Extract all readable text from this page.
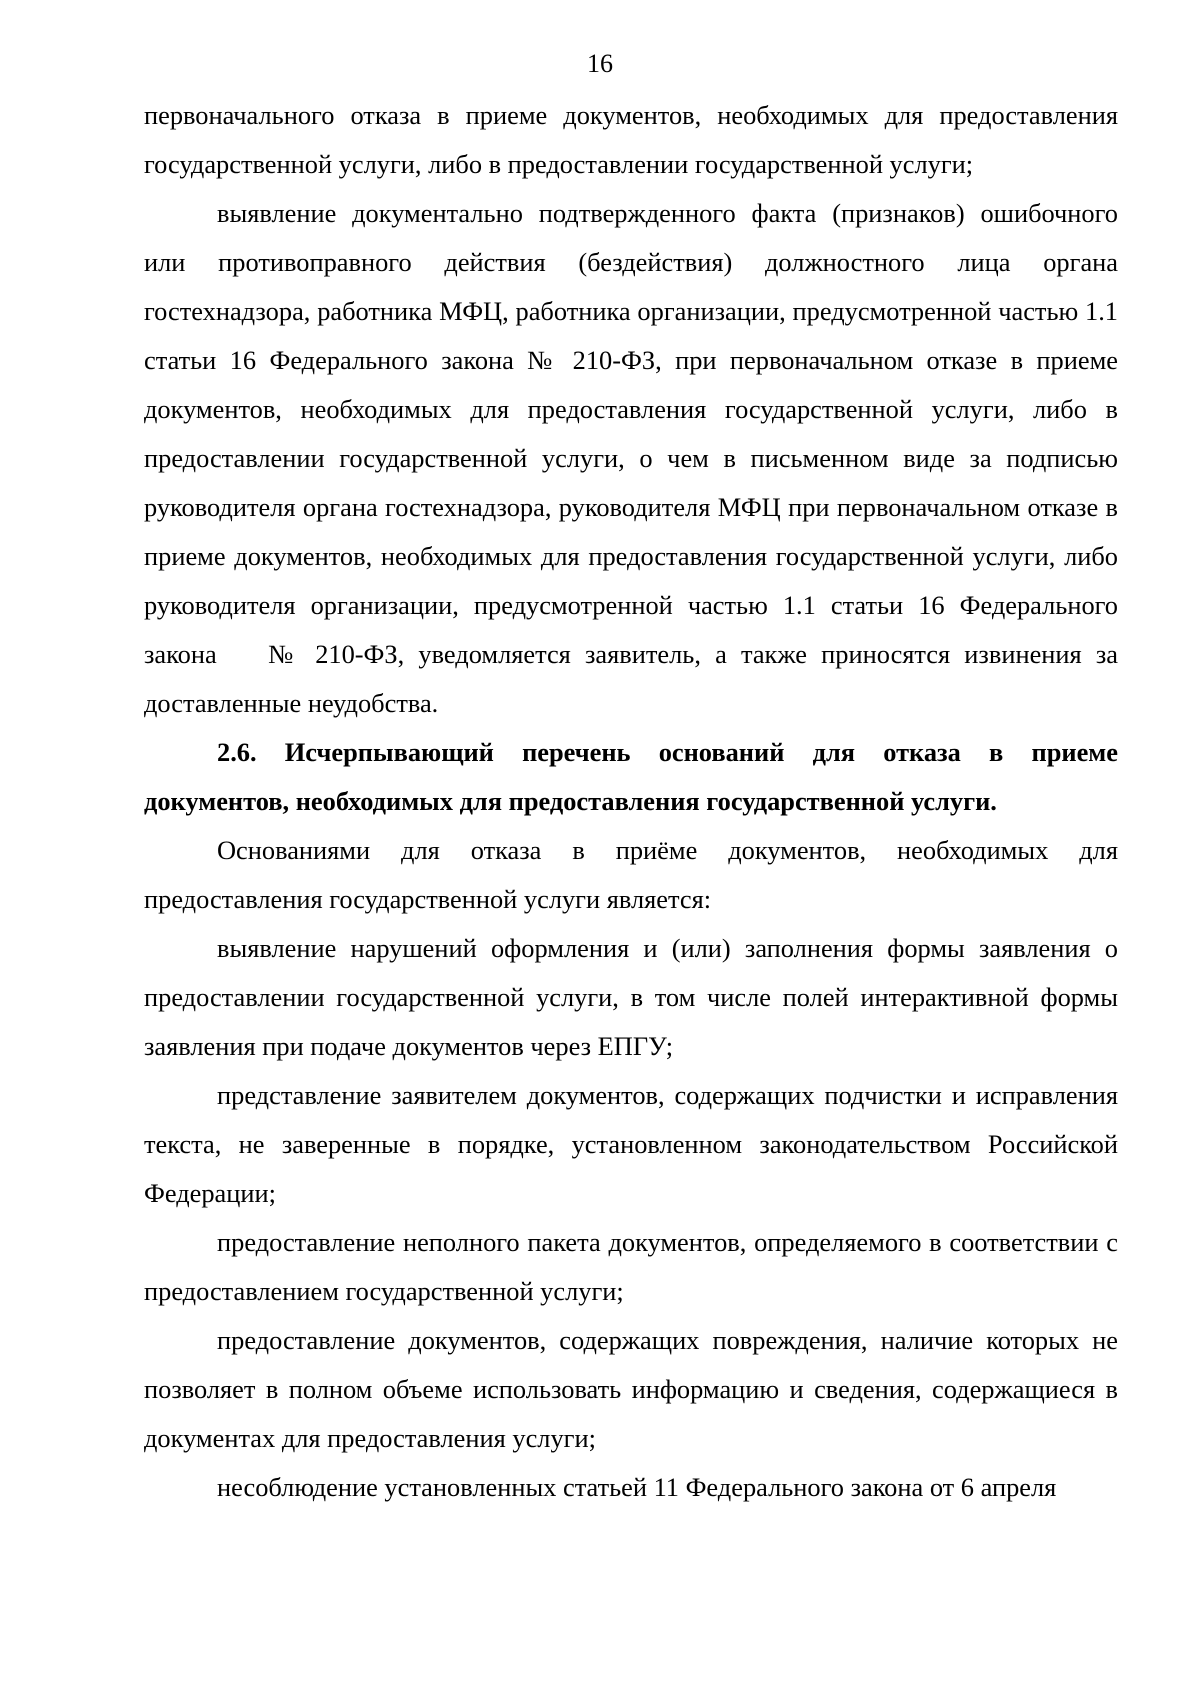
16

первоначального отказа в приеме документов, необходимых для предоставления государственной услуги, либо в предоставлении государственной услуги;

выявление документально подтвержденного факта (признаков) ошибочного или противоправного действия (бездействия) должностного лица органа гостехнадзора, работника МФЦ, работника организации, предусмотренной частью 1.1 статьи 16 Федерального закона № 210-ФЗ, при первоначальном отказе в приеме документов, необходимых для предоставления государственной услуги, либо в предоставлении государственной услуги, о чем в письменном виде за подписью руководителя органа гостехнадзора, руководителя МФЦ при первоначальном отказе в приеме документов, необходимых для предоставления государственной услуги, либо руководителя организации, предусмотренной частью 1.1 статьи 16 Федерального закона № 210-ФЗ, уведомляется заявитель, а также приносятся извинения за доставленные неудобства.

2.6. Исчерпывающий перечень оснований для отказа в приеме документов, необходимых для предоставления государственной услуги.

Основаниями для отказа в приёме документов, необходимых для предоставления государственной услуги является:

выявление нарушений оформления и (или) заполнения формы заявления о предоставлении государственной услуги, в том числе полей интерактивной формы заявления при подаче документов через ЕПГУ;

представление заявителем документов, содержащих подчистки и исправления текста, не заверенные в порядке, установленном законодательством Российской Федерации;

предоставление неполного пакета документов, определяемого в соответствии с предоставлением государственной услуги;

предоставление документов, содержащих повреждения, наличие которых не позволяет в полном объеме использовать информацию и сведения, содержащиеся в документах для предоставления услуги;

несоблюдение установленных статьей 11 Федерального закона от 6 апреля
